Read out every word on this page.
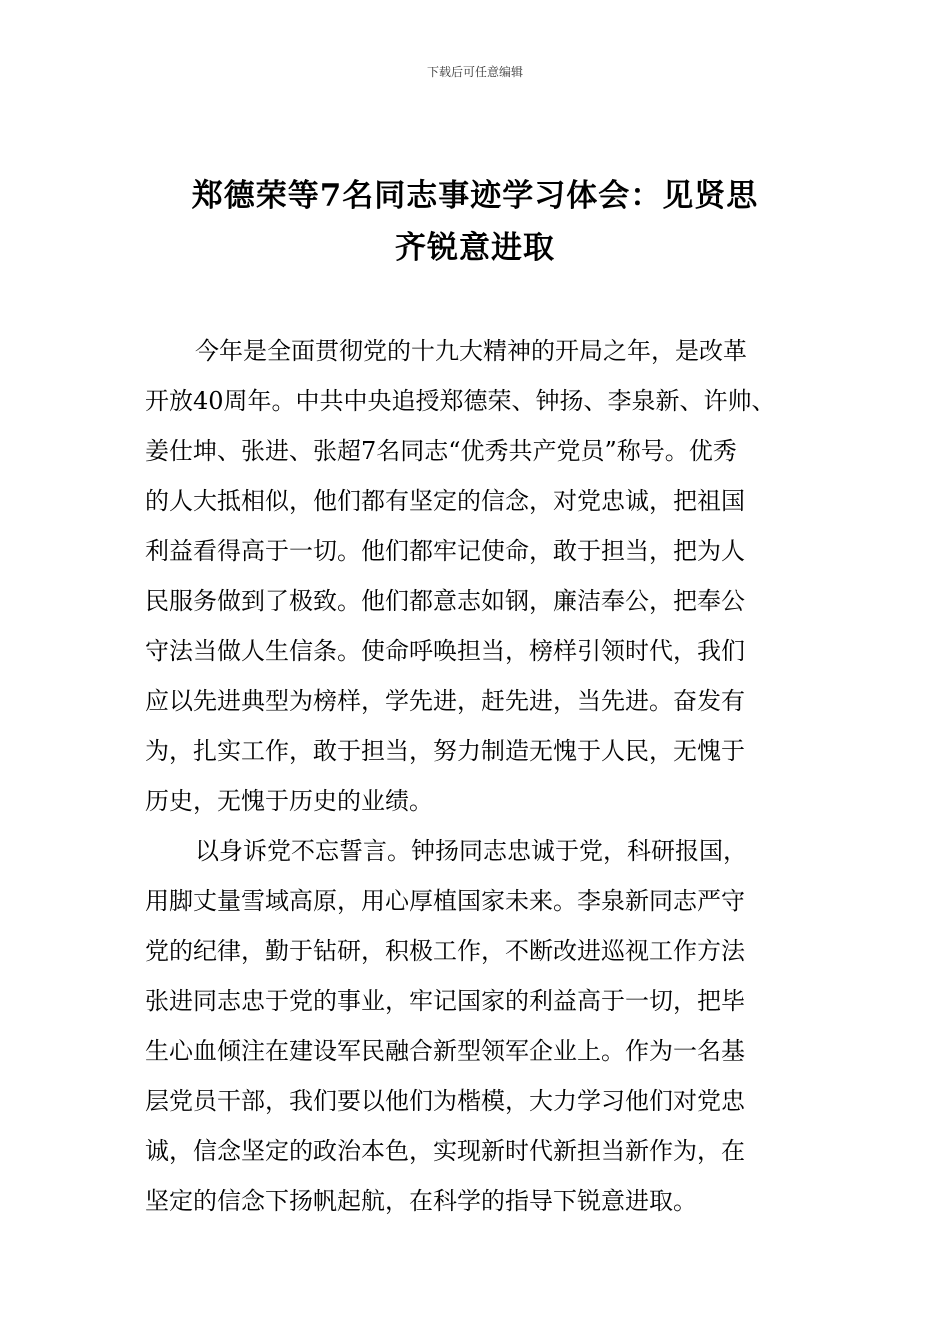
下载后可任意编辑
郑德荣等7名同志事迹学习体会：见贤思
齐锐意进取

今年是全面贯彻党的十九大精神的开局之年，是改革
开放40周年。中共中央追授郑德荣、钟扬、李泉新、许帅、
姜仕坤、张进、张超7名同志“优秀共产党员”称号。优秀
的人大抵相似，他们都有坚定的信念，对党忠诚，把祖国
利益看得高于一切。他们都牢记使命，敢于担当，把为人
民服务做到了极致。他们都意志如钢，廉洁奉公，把奉公
守法当做人生信条。使命呼唤担当，榜样引领时代，我们
应以先进典型为榜样，学先进，赶先进，当先进。奋发有
为，扎实工作，敢于担当，努力制造无愧于人民，无愧于
历史，无愧于历史的业绩。

以身诉党不忘誓言。钟扬同志忠诚于党，科研报国，
用脚丈量雪域高原，用心厚植国家未来。李泉新同志严守
党的纪律，勤于钻研，积极工作，不断改进巡视工作方法
张进同志忠于党的事业，牢记国家的利益高于一切，把毕
生心血倾注在建设军民融合新型领军企业上。作为一名基
层党员干部，我们要以他们为楷模，大力学习他们对党忠
诚，信念坚定的政治本色，实现新时代新担当新作为，在
坚定的信念下扬帆起航，在科学的指导下锐意进取。
